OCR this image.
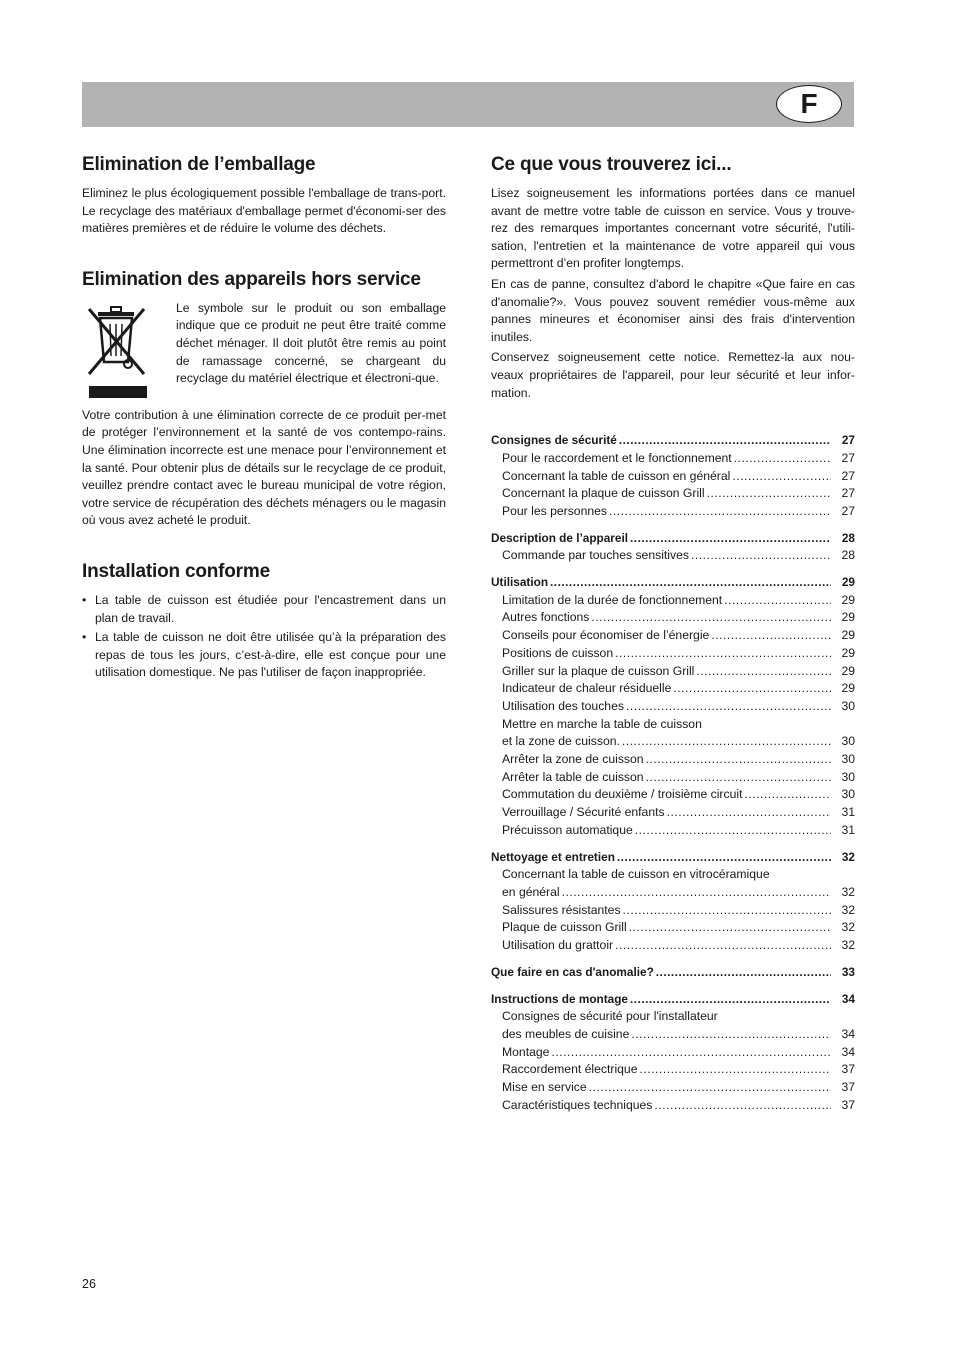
F
Elimination de l’emballage

Eliminez le plus écologiquement possible l'emballage de trans-port. Le recyclage des matériaux d'emballage permet d'économi-ser des matières premières et de réduire le volume des déchets.

Elimination des appareils hors service

Le symbole sur le produit ou son emballage indique que ce produit ne peut être traité comme déchet ménager. Il doit plutôt être remis au point de ramassage concerné, se chargeant du recyclage du matériel électrique et électroni-que.

Votre contribution à une élimination correcte de ce produit per-met de protéger l’environnement et la santé de vos contempo-rains. Une élimination incorrecte est une menace pour l’environnement et la santé. Pour obtenir plus de détails sur le recyclage de ce produit, veuillez prendre contact avec le bureau municipal de votre région, votre service de récupération des déchets ménagers ou le magasin où vous avez acheté le produit.

Installation conforme
• La table de cuisson est étudiée pour l'encastrement dans un plan de travail.
• La table de cuisson ne doit être utilisée qu’à la préparation des repas de tous les jours, c’est-à-dire, elle est conçue pour une utilisation domestique. Ne pas l'utiliser de façon inappropriée.
Ce que vous trouverez ici...

Lisez soigneusement les informations portées dans ce manuel avant de mettre votre table de cuisson en service. Vous y trouve-rez des remarques importantes concernant votre sécurité, l'utili-sation, l'entretien et la maintenance de votre appareil qui vous permettront d’en profiter longtemps.

En cas de panne, consultez d'abord le chapitre «Que faire en cas d'anomalie?». Vous pouvez souvent remédier vous-même aux pannes mineures et économiser ainsi des frais d'intervention inutiles.

Conservez soigneusement cette notice. Remettez-la aux nou-veaux propriétaires de l'appareil, pour leur sécurité et leur infor-mation.

Consignes de sécurité .....	27
Pour le raccordement et le fonctionnement .....	27
Concernant la table de cuisson en général .....	27
Concernant la plaque de cuisson Grill .....	27
Pour les personnes .....	27
Description de l’appareil .....	28
Commande par touches sensitives .....	28
Utilisation .....	29
Limitation de la durée de fonctionnement .....	29
Autres fonctions .....	29
Conseils pour économiser de l’énergie .....	29
Positions de cuisson .....	29
Griller sur la plaque de cuisson Grill .....	29
Indicateur de chaleur résiduelle .....	29
Utilisation des touches .....	30
Mettre en marche la table de cuisson
et la zone de cuisson. .....	30
Arrêter la zone de cuisson .....	30
Arrêter la table de cuisson .....	30
Commutation du deuxième / troisième circuit .....	30
Verrouillage / Sécurité enfants .....	31
Précuisson automatique .....	31
Nettoyage et entretien .....	32
Concernant la table de cuisson en vitrocéramique
en général .....	32
Salissures résistantes .....	32
Plaque de cuisson Grill .....	32
Utilisation du grattoir .....	32
Que faire en cas d'anomalie? .....	33
Instructions de montage .....	34
Consignes de sécurité pour l'installateur
des meubles de cuisine .....	34
Montage .....	34
Raccordement électrique .....	37
Mise en service .....	37
Caractéristiques techniques .....	37
26
